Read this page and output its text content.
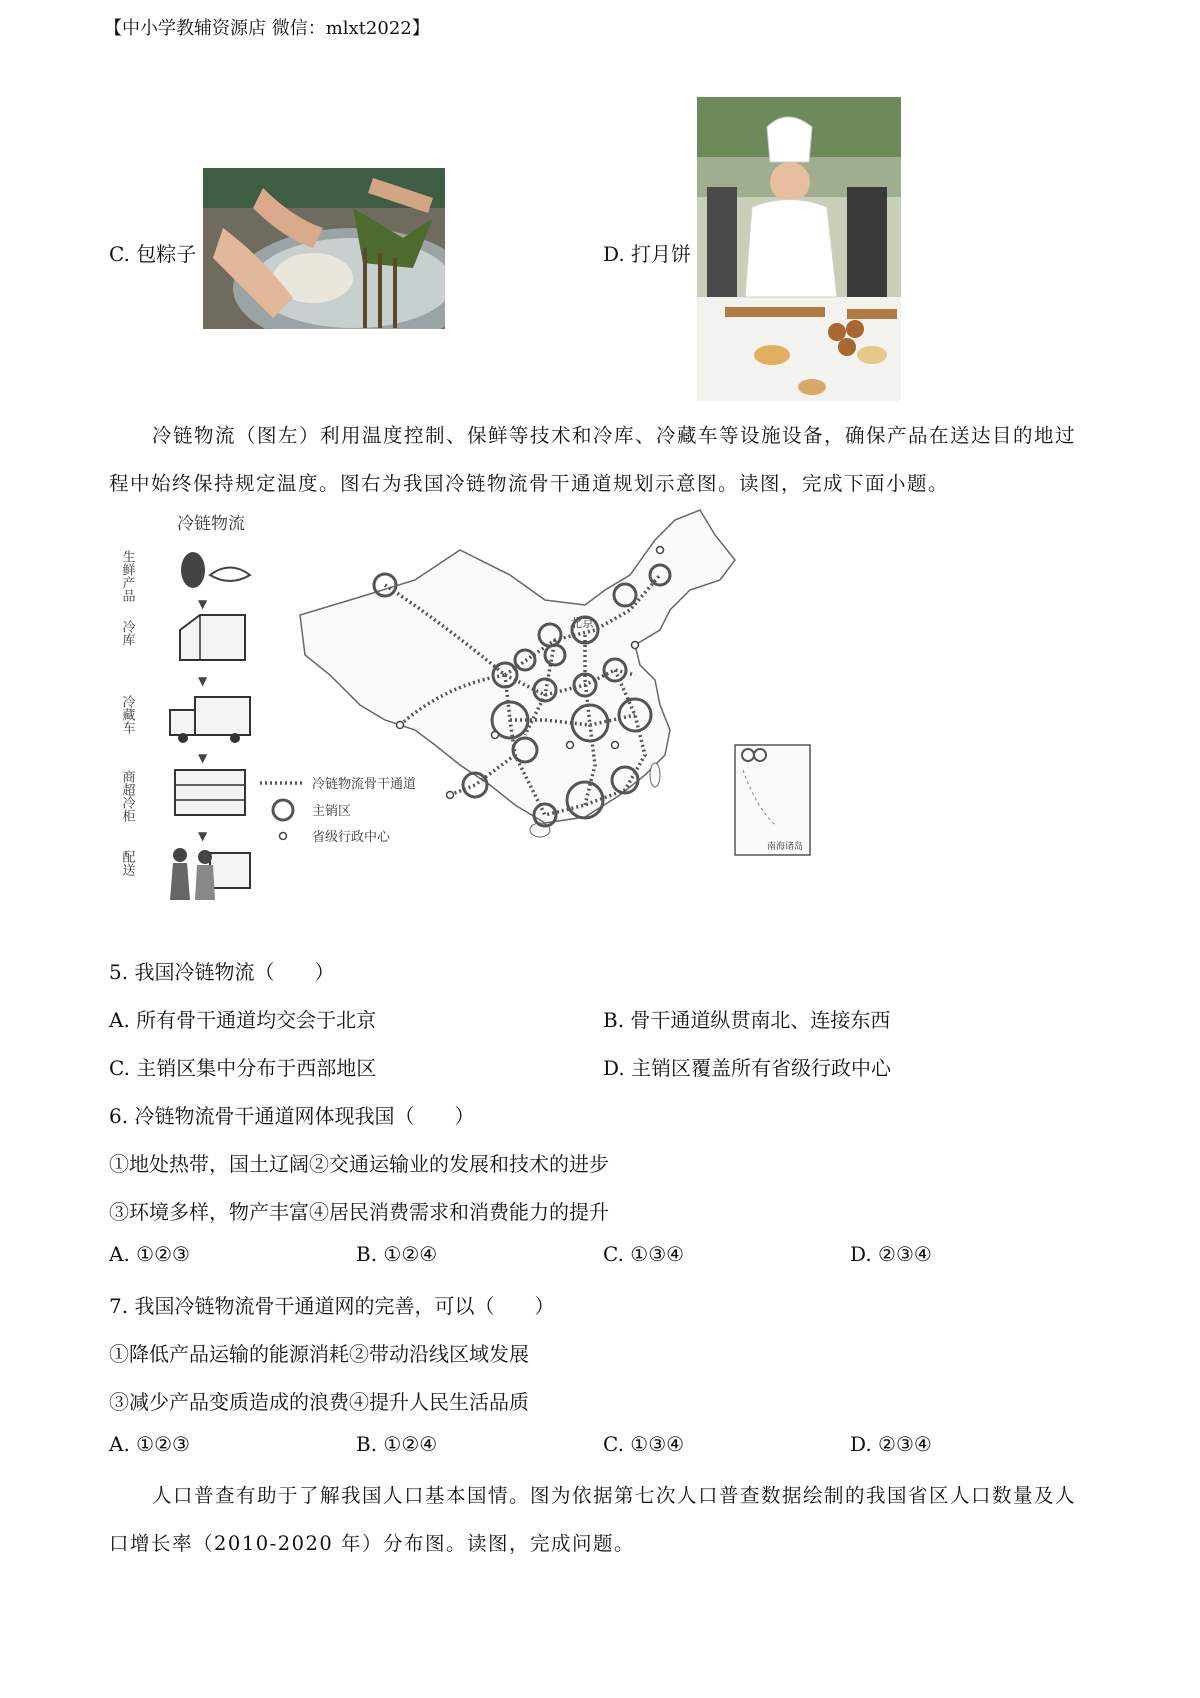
【中小学教辅资源店 微信：mlxt2022】
C. 包粽子	D. 打月饼
冷链物流（图左）利用温度控制、保鲜等技术和冷库、冷藏车等设施设备，确保产品在送达目的地过
程中始终保持规定温度。图右为我国冷链物流骨干通道规划示意图。读图，完成下面小题。
冷链物流
生鲜产品
▼
冷库
▼
冷藏车
▼
商超冷柜
▼
配送
北京
冷链物流骨干通道
主销区
省级行政中心
南海诸岛
5. 我国冷链物流（　　）
A. 所有骨干通道均交会于北京	B. 骨干通道纵贯南北、连接东西
C. 主销区集中分布于西部地区	D. 主销区覆盖所有省级行政中心
6. 冷链物流骨干通道网体现我国（　　）
①地处热带，国土辽阔②交通运输业的发展和技术的进步
③环境多样，物产丰富④居民消费需求和消费能力的提升
A. ①②③	B. ①②④	C. ①③④	D. ②③④
7. 我国冷链物流骨干通道网的完善，可以（　　）
①降低产品运输的能源消耗②带动沿线区域发展
③减少产品变质造成的浪费④提升人民生活品质
A. ①②③	B. ①②④	C. ①③④	D. ②③④
人口普查有助于了解我国人口基本国情。图为依据第七次人口普查数据绘制的我国省区人口数量及人
口增长率（2010-2020 年）分布图。读图，完成问题。
